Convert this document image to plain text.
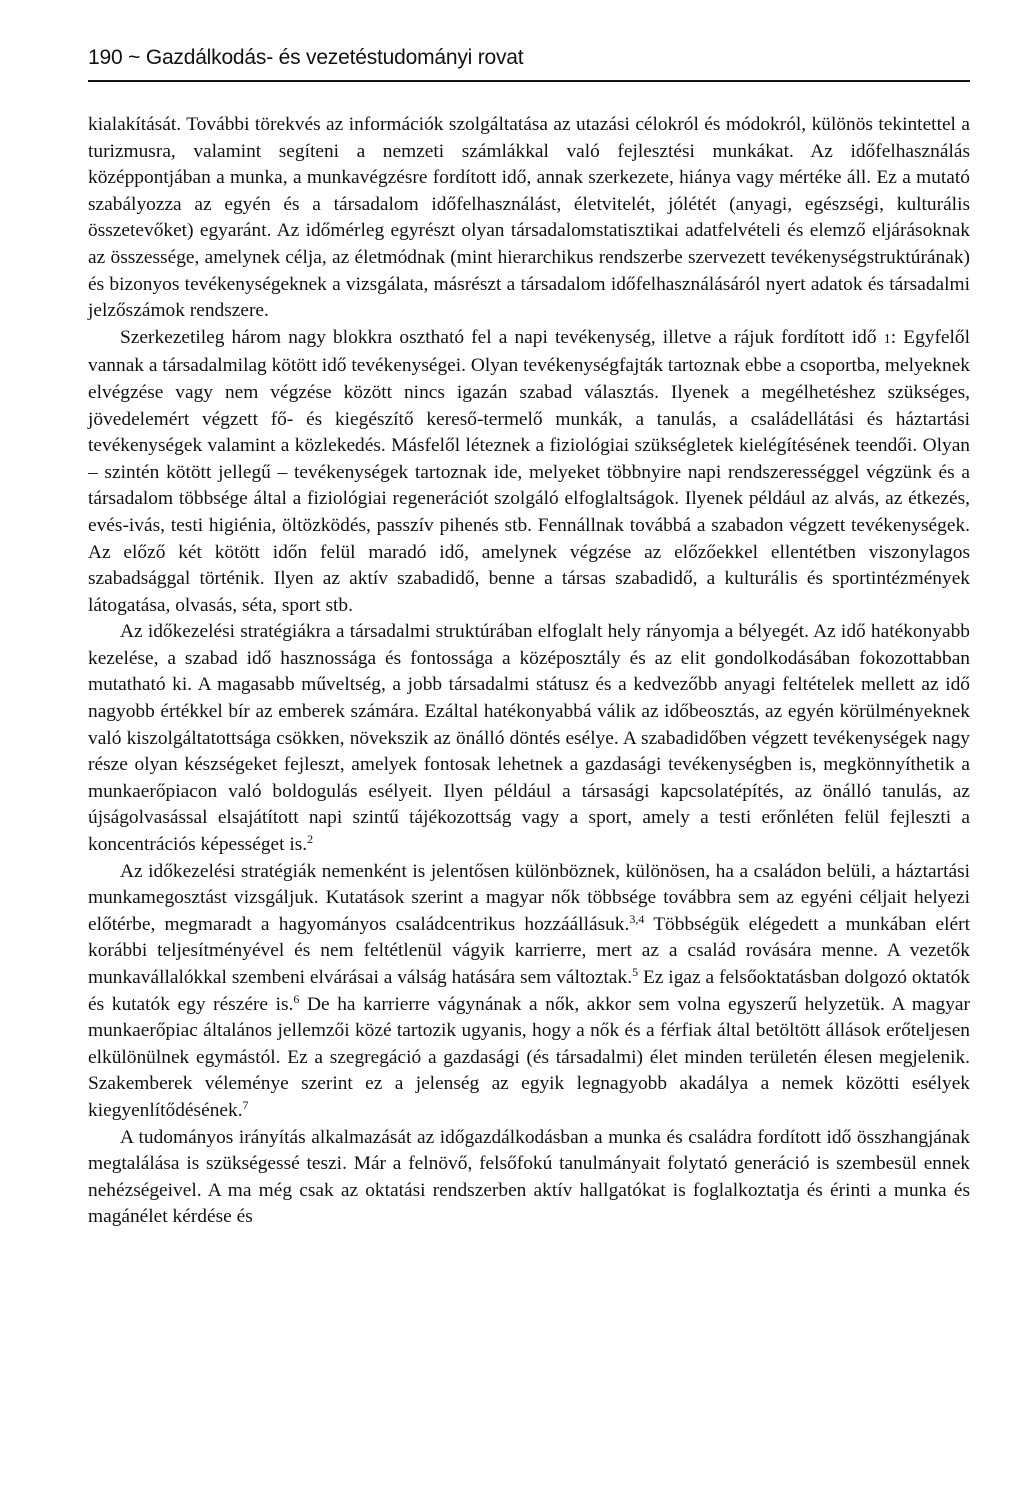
190 ~ Gazdálkodás- és vezetéstudományi rovat

kialakítását. További törekvés az információk szolgáltatása az utazási célokról és módokról, különös tekintettel a turizmusra, valamint segíteni a nemzeti számlákkal való fejlesztési munkákat. Az időfelhasználás középpontjában a munka, a munkavégzésre fordított idő, annak szerkezete, hiánya vagy mértéke áll. Ez a mutató szabályozza az egyén és a társadalom időfelhasználást, életvitelét, jólétét (anyagi, egészségi, kulturális összetevőket) egyaránt. Az időmérleg egyrészt olyan társadalomstatisztikai adatfelvételi és elemző eljárásoknak az összessége, amelynek célja, az életmódnak (mint hierarchikus rendszerbe szervezett tevékenységstruktúrának) és bizonyos tevékenységeknek a vizsgálata, másrészt a társadalom időfelhasználásáról nyert adatok és társadalmi jelzőszámok rendszere.

Szerkezetileg három nagy blokkra osztható fel a napi tevékenység, illetve a rájuk fordított idő 1: Egyfelől vannak a társadalmilag kötött idő tevékenységei. Olyan tevékenységfajták tartoznak ebbe a csoportba, melyeknek elvégzése vagy nem végzése között nincs igazán szabad választás. Ilyenek a megélhetéshez szükséges, jövedelemért végzett fő- és kiegészítő kereső-termelő munkák, a tanulás, a családellátási és háztartási tevékenységek valamint a közlekedés. Másfelől léteznek a fiziológiai szükségletek kielégítésének teendői. Olyan – szintén kötött jellegű – tevékenységek tartoznak ide, melyeket többnyire napi rendszerességgel végzünk és a társadalom többsége által a fiziológiai regenerációt szolgáló elfoglaltságok. Ilyenek például az alvás, az étkezés, evés-ivás, testi higiénia, öltözködés, passzív pihenés stb. Fennállnak továbbá a szabadon végzett tevékenységek. Az előző két kötött időn felül maradó idő, amelynek végzése az előzőekkel ellentétben viszonylagos szabadsággal történik. Ilyen az aktív szabadidő, benne a társas szabadidő, a kulturális és sportintézmények látogatása, olvasás, séta, sport stb.

Az időkezelési stratégiákra a társadalmi struktúrában elfoglalt hely rányomja a bélyegét. Az idő hatékonyabb kezelése, a szabad idő hasznossága és fontossága a középosztály és az elit gondolkodásában fokozottabban mutatható ki. A magasabb műveltség, a jobb társadalmi státusz és a kedvezőbb anyagi feltételek mellett az idő nagyobb értékkel bír az emberek számára. Ezáltal hatékonyabbá válik az időbeosztás, az egyén körülményeknek való kiszolgáltatottsága csökken, növekszik az önálló döntés esélye. A szabadidőben végzett tevékenységek nagy része olyan készségeket fejleszt, amelyek fontosak lehetnek a gazdasági tevékenységben is, megkönnyíthetik a munkaerőpiacon való boldogulás esélyeit. Ilyen például a társasági kapcsolatépítés, az önálló tanulás, az újságolvasással elsajátított napi szintű tájékozottság vagy a sport, amely a testi erőnléten felül fejleszti a koncentrációs képességet is.$^2$

Az időkezelési stratégiák nemenként is jelentősen különböznek, különösen, ha a családon belüli, a háztartási munkamegosztást vizsgáljuk. Kutatások szerint a magyar nők többsége továbbra sem az egyéni céljait helyezi előtérbe, megmaradt a hagyományos családcentrikus hozzáállásuk.$^{3,4}$ Többségük elégedett a munkában elért korábbi teljesítményével és nem feltétlenül vágyik karrierre, mert az a család rovására menne. A vezetők munkavállalókkal szembeni elvárásai a válság hatására sem változtak.$^5$ Ez igaz a felsőoktatásban dolgozó oktatók és kutatók egy részére is.$^6$ De ha karrierre vágynának a nők, akkor sem volna egyszerű helyzetük. A magyar munkaerőpiac általános jellemzői közé tartozik ugyanis, hogy a nők és a férfiak által betöltött állások erőteljesen elkülönülnek egymástól. Ez a szegregáció a gazdasági (és társadalmi) élet minden területén élesen megjelenik. Szakemberek véleménye szerint ez a jelenség az egyik legnagyobb akadálya a nemek közötti esélyek kiegyenlítődésének.$^7$

A tudományos irányítás alkalmazását az időgazdálkodásban a munka és családra fordított idő összhangjának megtalálása is szükségessé teszi. Már a felnövő, felsőfokú tanulmányait folytató generáció is szembesül ennek nehézségeivel. A ma még csak az oktatási rendszerben aktív hallgatókat is foglalkoztatja és érinti a munka és magánélet kérdése és
